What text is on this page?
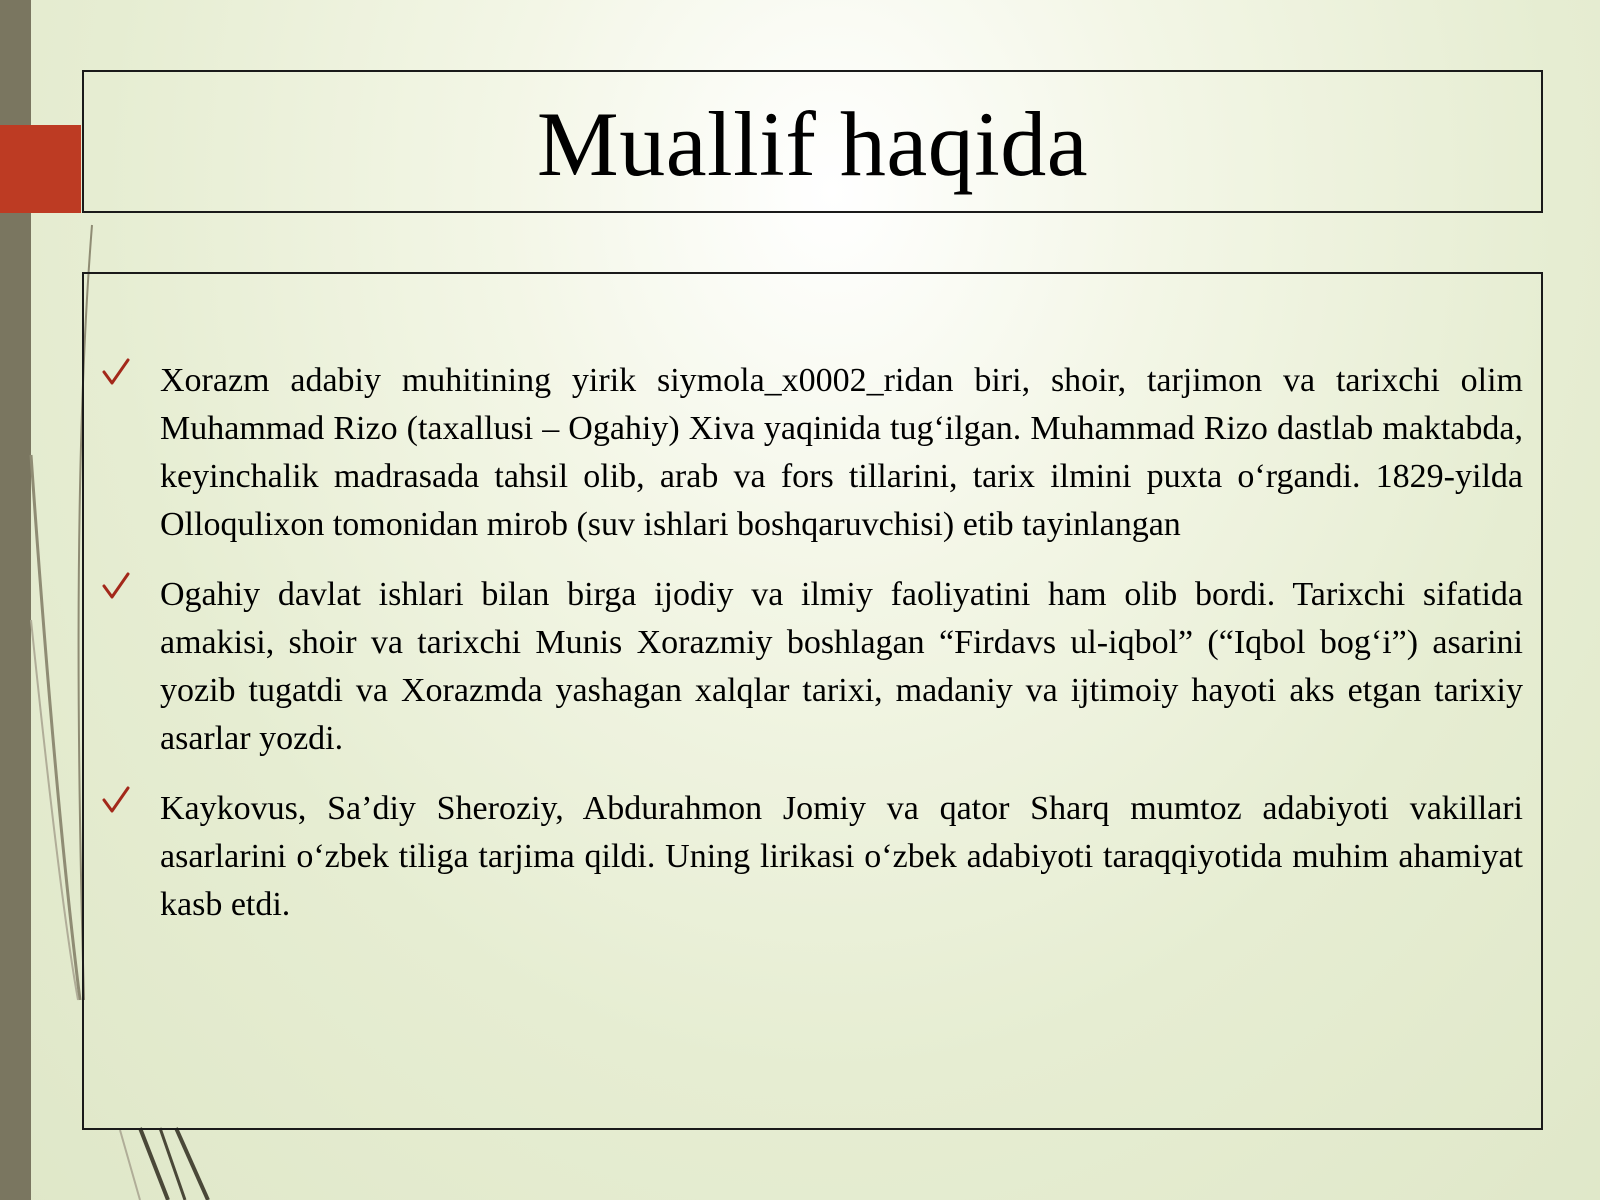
Muallif haqida
Xorazm adabiy muhitining yirik siymola_x0002_ridan biri, shoir, tarjimon va tarixchi olim Muhammad Rizo (taxallusi – Ogahiy) Xiva yaqinida tug‘ilgan. Muhammad Rizo dastlab maktabda, keyinchalik madrasada tahsil olib, arab va fors tillarini, tarix ilmini puxta o‘rgandi. 1829-yilda Olloqulixon tomonidan mirob (suv ishlari boshqaruvchisi) etib tayinlangan
Ogahiy davlat ishlari bilan birga ijodiy va ilmiy faoliyatini ham olib bordi. Tarixchi sifatida amakisi, shoir va tarixchi Munis Xorazmiy boshlagan “Firdavs ul-iqbol” (“Iqbol bog‘i”) asarini yozib tugatdi va Xorazmda yashagan xalqlar tarixi, madaniy va ijtimoiy hayoti aks etgan tarixiy asarlar yozdi.
Kaykovus, Sa’diy Sheroziy, Abdurahmon Jomiy va qator Sharq mumtoz adabiyoti vakillari asarlarini o‘zbek tiliga tarjima qildi. Uning lirikasi o‘zbek adabiyoti taraqqiyotida muhim ahamiyat kasb etdi.
